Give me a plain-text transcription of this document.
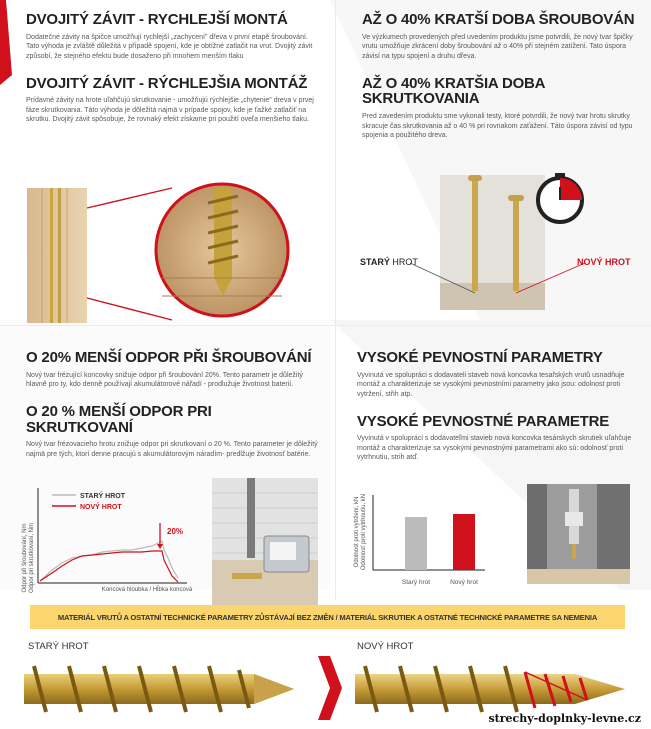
DVOJITÝ ZÁVIT - RYCHLEJŠÍ MONTÁ
Dodatečné závity na špičce umožňují rychlejší „zachycení" dřeva v první etapě šroubování. Tato výhoda je zvláště důležitá v případě spojení, kde je obtížné zatlačit na vrut. Dvojitý závit způsobí, že stejného efektu bude dosaženo při mnohem menším tlaku
DVOJITÝ ZÁVIT - RÝCHLEJŠIA MONTÁŽ
Prídavné závity na hrote uľahčujú skrutkovanie - umožňujú rýchlejšie „chytenie" dreva v prvej fáze skrutkovania. Táto výhoda je dôležitá najmä v prípade spojov, kde je ťažké zatlačiť na skrutku. Dvojitý závit spôsobuje, že rovnaký efekt získame pri použití oveľa menšieho tlaku.
AŽ O 40% KRATŠÍ DOBA ŠROUBOVÁN
Ve výzkumech provedených před uvedením produktu jsme potvrdili, že nový tvar špičky vrutu umožňuje zkrácení doby šroubování až o 40% při stejném zatížení. Tato úspora závisí na typu spojení a druhu dřeva.
AŽ O 40% KRATŠIA DOBA SKRUTKOVANIA
Pred zavedením produktu sme vykonali testy, ktoré potvrdili, že nový tvar hrotu skrutky skracuje čas skrutkovania až o 40 % pri rovnakom zaťažení. Táto úspora závisí od typu spojenia a použitého dreva.
STARÝ HROT	NOVÝ HROT
O 20% MENŠÍ ODPOR PŘI ŠROUBOVÁNÍ
Nový tvar frézující koncovky snižuje odpor při šroubování 20%. Tento parametr je důležitý hlavně pro ty, kdo denně používají akumulátorové nářadí - prodlužuje životnost baterií.
O 20 % MENŠÍ ODPOR PRI SKRUTKOVANÍ
Nový tvar frézovacieho hrotu znižuje odpor pri skrutkovaní o 20 %. Tento parameter je dôležitý najmä pre tých, ktorí denne pracujú s akumulátorovým náradím- predlžuje životnosť batérie.
Odpor při šroubování, NmOdpor pri skrutkovaní, Nm
STARÝ HROT
NOVÝ HROT
20%
Koncová hloubka / Hĺbka koncová
VYSOKÉ PEVNOSTNÍ PARAMETRY
Vyvinutá ve spolupráci s dodavateli staveb nová koncovka tesařských vrutů usnadňuje montáž a charakterizuje se vysokými pevnostními parametry jako jsou: odolnost proti vytržení, střih atp.
VYSOKÉ PEVNOSTNÉ PARAMETRE
Vyvinutá v spolupráci s dodávateľmi stavieb nová koncovka tesárskych skrutiek uľahčuje montáž a charakterizuje sa vysokými pevnostnými parametrami ako sú: odolnosť proti vytrhnutiu, strih atď.
Odolnost proti vytržení, kNOdolnosť proti vytrhnutiu, kN
Starý hrot	Nový hrot
MATERIÁL VRUTŮ A OSTATNÍ TECHNICKÉ PARAMETRY ZŮSTÁVAJÍ BEZ ZMĚN / MATERIÁL SKRUTIEK A OSTATNÉ TECHNICKÉ PARAMETRE SA NEMENIA
STARÝ HROT	NOVÝ HROT
strechy-doplnky-levne.cz
